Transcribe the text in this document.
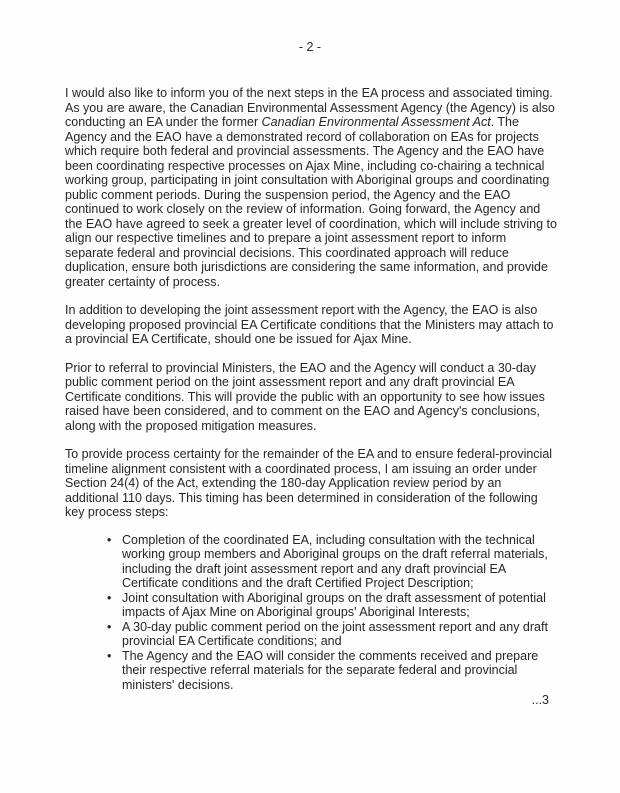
- 2 -

I would also like to inform you of the next steps in the EA process and associated timing. As you are aware, the Canadian Environmental Assessment Agency (the Agency) is also conducting an EA under the former Canadian Environmental Assessment Act. The Agency and the EAO have a demonstrated record of collaboration on EAs for projects which require both federal and provincial assessments. The Agency and the EAO have been coordinating respective processes on Ajax Mine, including co-chairing a technical working group, participating in joint consultation with Aboriginal groups and coordinating public comment periods. During the suspension period, the Agency and the EAO continued to work closely on the review of information. Going forward, the Agency and the EAO have agreed to seek a greater level of coordination, which will include striving to align our respective timelines and to prepare a joint assessment report to inform separate federal and provincial decisions. This coordinated approach will reduce duplication, ensure both jurisdictions are considering the same information, and provide greater certainty of process.

In addition to developing the joint assessment report with the Agency, the EAO is also developing proposed provincial EA Certificate conditions that the Ministers may attach to a provincial EA Certificate, should one be issued for Ajax Mine.

Prior to referral to provincial Ministers, the EAO and the Agency will conduct a 30-day public comment period on the joint assessment report and any draft provincial EA Certificate conditions. This will provide the public with an opportunity to see how issues raised have been considered, and to comment on the EAO and Agency's conclusions, along with the proposed mitigation measures.

To provide process certainty for the remainder of the EA and to ensure federal-provincial timeline alignment consistent with a coordinated process, I am issuing an order under Section 24(4) of the Act, extending the 180-day Application review period by an additional 110 days. This timing has been determined in consideration of the following key process steps:

• Completion of the coordinated EA, including consultation with the technical working group members and Aboriginal groups on the draft referral materials, including the draft joint assessment report and any draft provincial EA Certificate conditions and the draft Certified Project Description;
• Joint consultation with Aboriginal groups on the draft assessment of potential impacts of Ajax Mine on Aboriginal groups' Aboriginal Interests;
• A 30-day public comment period on the joint assessment report and any draft provincial EA Certificate conditions; and
• The Agency and the EAO will consider the comments received and prepare their respective referral materials for the separate federal and provincial ministers' decisions.
...3
